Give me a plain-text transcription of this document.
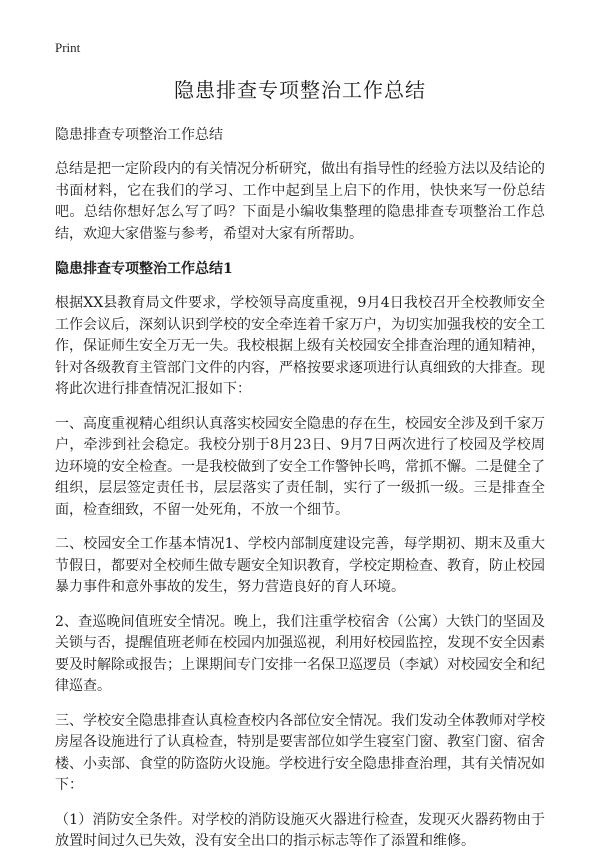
Print
隐患排查专项整治工作总结
隐患排查专项整治工作总结

总结是把一定阶段内的有关情况分析研究，做出有指导性的经验方法以及结论的书面材料，它在我们的学习、工作中起到呈上启下的作用，快快来写一份总结吧。总结你想好怎么写了吗？下面是小编收集整理的隐患排查专项整治工作总结，欢迎大家借鉴与参考，希望对大家有所帮助。

隐患排查专项整治工作总结1

根据XX县教育局文件要求，学校领导高度重视，9月4日我校召开全校教师安全工作会议后，深刻认识到学校的安全牵连着千家万户，为切实加强我校的安全工作，保证师生安全万无一失。我校根据上级有关校园安全排查治理的通知精神，针对各级教育主管部门文件的内容，严格按要求逐项进行认真细致的大排查。现将此次进行排查情况汇报如下：

一、高度重视精心组织认真落实校园安全隐患的存在生，校园安全涉及到千家万户，牵涉到社会稳定。我校分别于8月23日、9月7日两次进行了校园及学校周边环境的安全检查。一是我校做到了安全工作警钟长鸣，常抓不懈。二是健全了组织，层层签定责任书，层层落实了责任制，实行了一级抓一级。三是排查全面，检查细致，不留一处死角，不放一个细节。

二、校园安全工作基本情况1、学校内部制度建设完善，每学期初、期末及重大节假日，都要对全校师生做专题安全知识教育，学校定期检查、教育，防止校园暴力事件和意外事故的发生，努力营造良好的育人环境。

2、查巡晚间值班安全情况。晚上，我们注重学校宿舍（公寓）大铁门的坚固及关锁与否，提醒值班老师在校园内加强巡视，利用好校园监控，发现不安全因素要及时解除或报告；上课期间专门安排一名保卫巡逻员（李斌）对校园安全和纪律巡查。

三、学校安全隐患排查认真检查校内各部位安全情况。我们发动全体教师对学校房屋各设施进行了认真检查，特别是要害部位如学生寝室门窗、教室门窗、宿舍楼、小卖部、食堂的防盗防火设施。学校进行安全隐患排查治理，其有关情况如下：

（1）消防安全条件。对学校的消防设施灭火器进行检查，发现灭火器药物由于放置时间过久已失效，没有安全出口的指示标志等作了添置和维修。
